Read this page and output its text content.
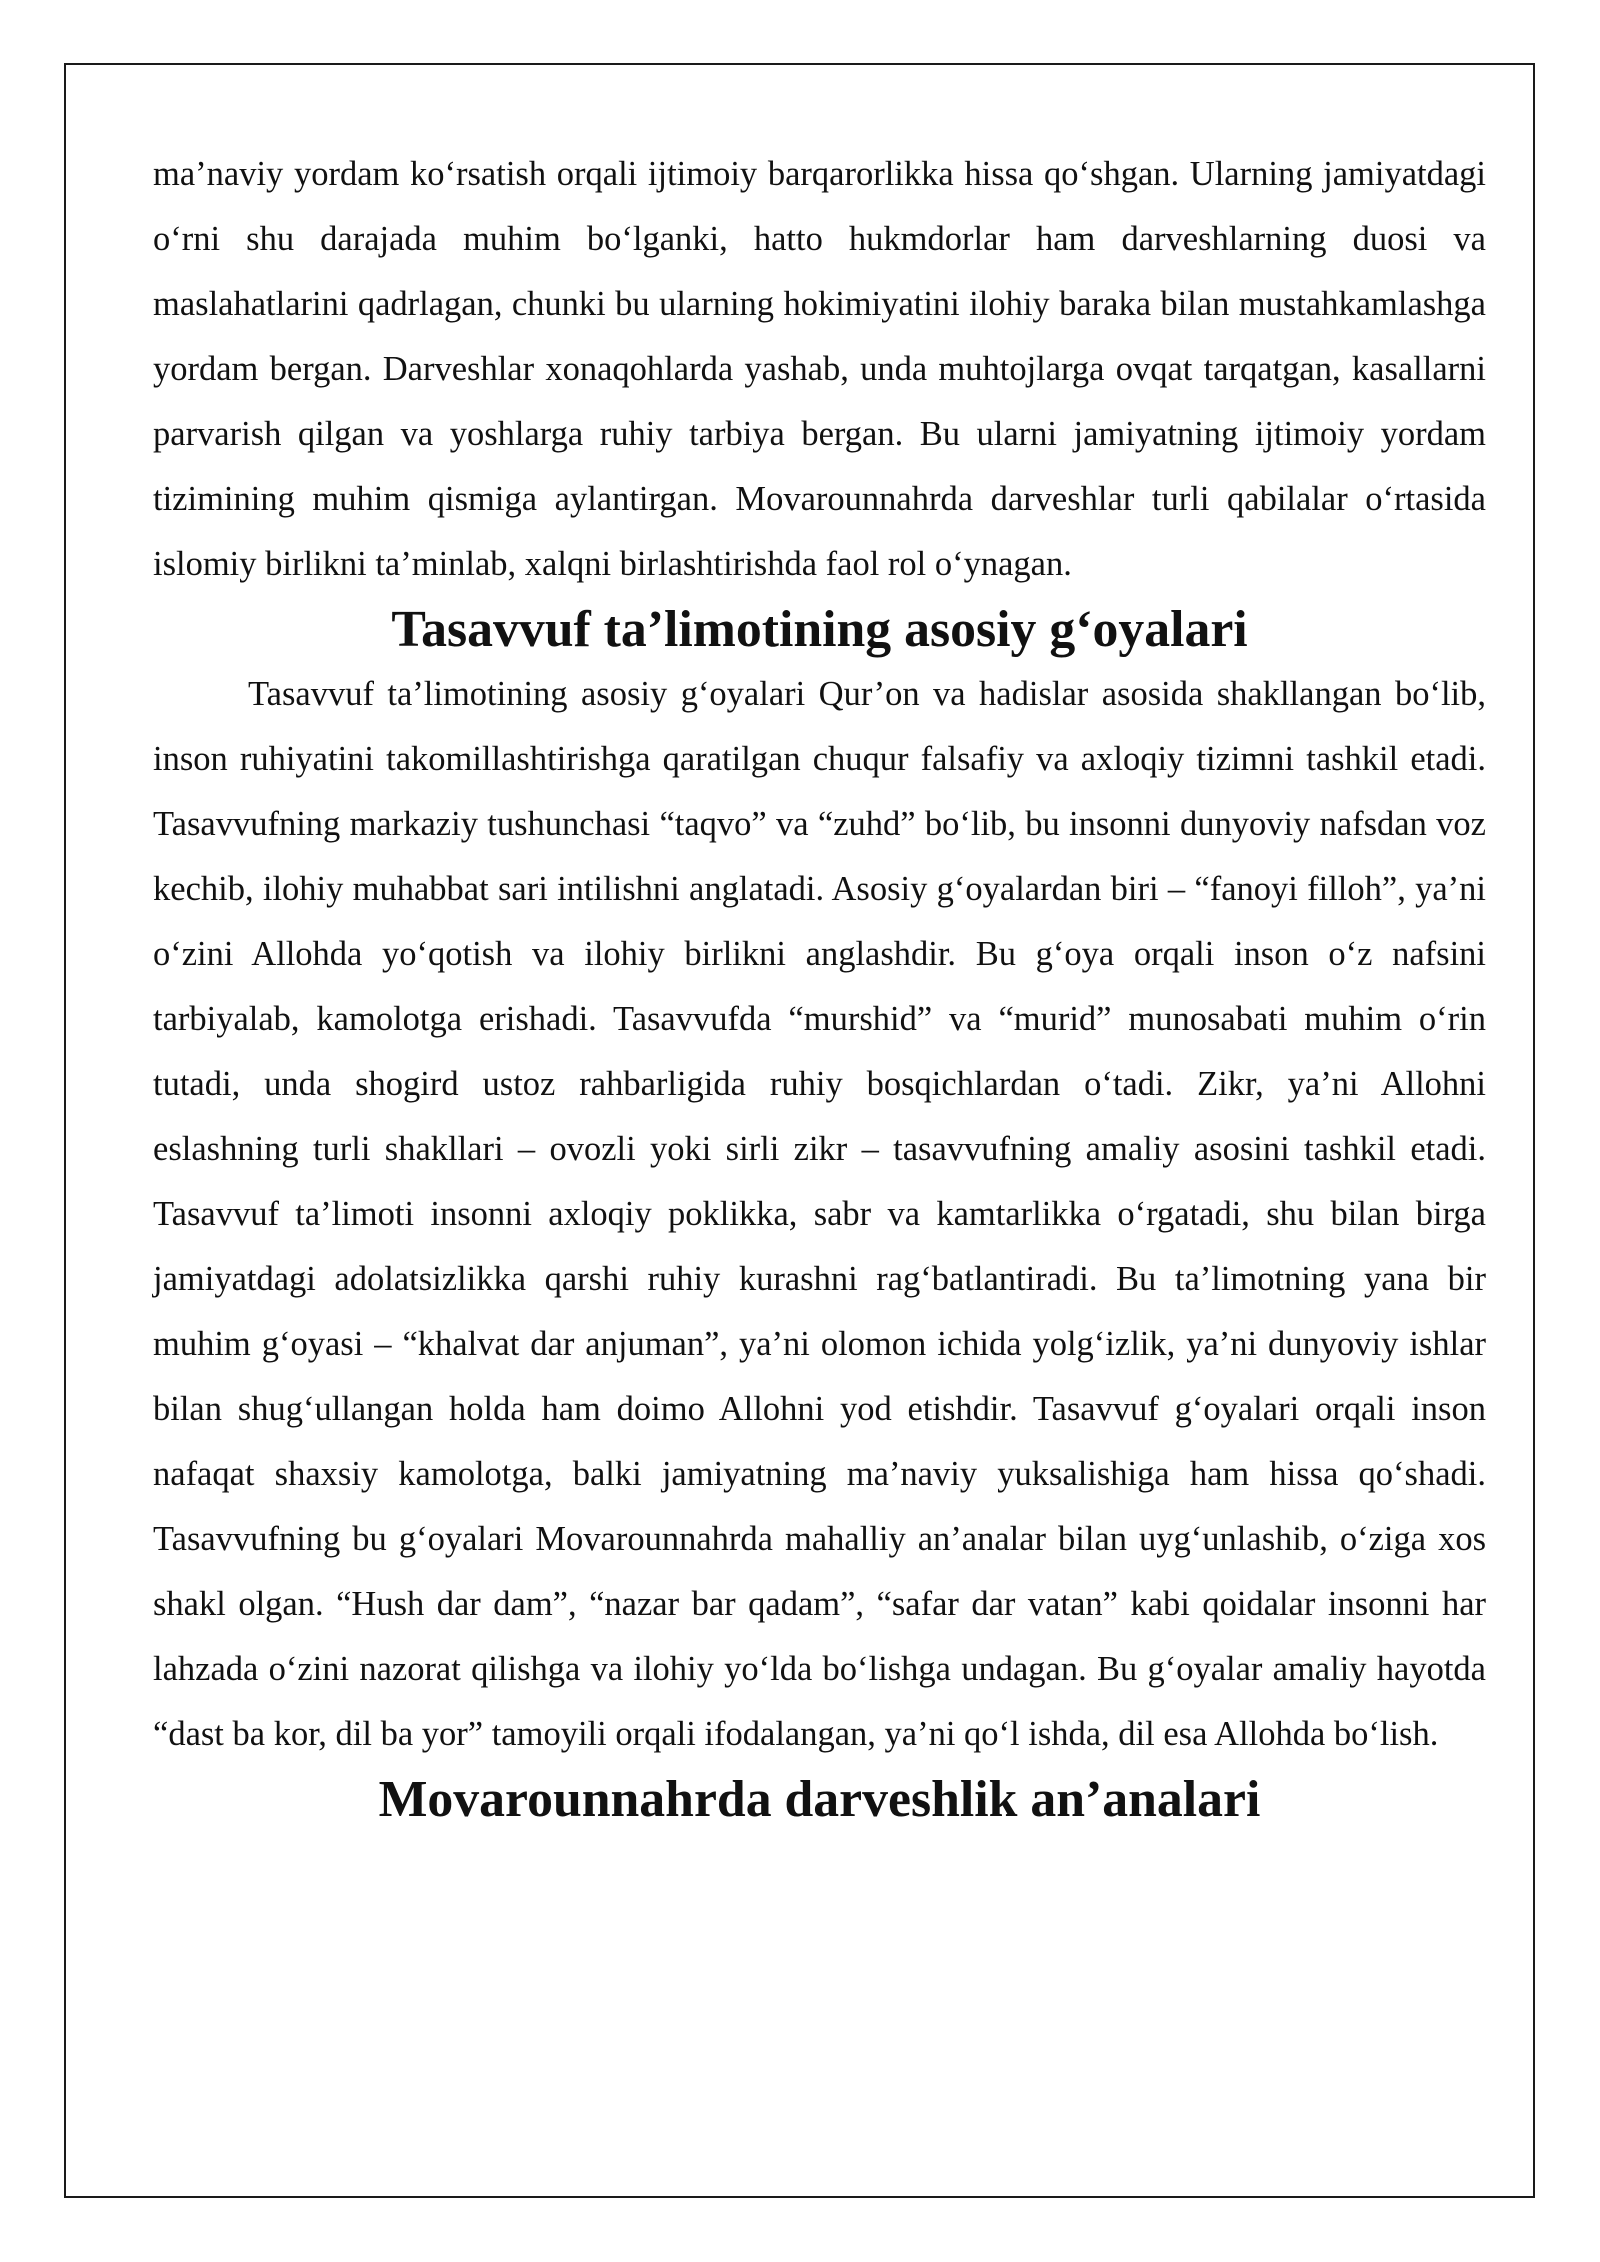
ma’naviy yordam ko‘rsatish orqali ijtimoiy barqarorlikka hissa qo‘shgan. Ularning jamiyatdagi o‘rni shu darajada muhim bo‘lganki, hatto hukmdorlar ham darveshlarning duosi va maslahatlarini qadrlagan, chunki bu ularning hokimiyatini ilohiy baraka bilan mustahkamlashga yordam bergan. Darveshlar xonaqohlarda yashab, unda muhtojlarga ovqat tarqatgan, kasallarni parvarish qilgan va yoshlarga ruhiy tarbiya bergan. Bu ularni jamiyatning ijtimoiy yordam tizimining muhim qismiga aylantirgan. Movarounnahrda darveshlar turli qabilalar o‘rtasida islomiy birlikni ta’minlab, xalqni birlashtirishda faol rol o‘ynagan.

Tasavvuf ta’limotining asosiy g‘oyalari

Tasavvuf ta’limotining asosiy g‘oyalari Qur’on va hadislar asosida shakllangan bo‘lib, inson ruhiyatini takomillashtirishga qaratilgan chuqur falsafiy va axloqiy tizimni tashkil etadi. Tasavvufning markaziy tushunchasi “taqvo” va “zuhd” bo‘lib, bu insonni dunyoviy nafsdan voz kechib, ilohiy muhabbat sari intilishni anglatadi. Asosiy g‘oyalardan biri – “fanoyi filloh”, ya’ni o‘zini Allohda yo‘qotish va ilohiy birlikni anglashdir. Bu g‘oya orqali inson o‘z nafsini tarbiyalab, kamolotga erishadi. Tasavvufda “murshid” va “murid” munosabati muhim o‘rin tutadi, unda shogird ustoz rahbarligida ruhiy bosqichlardan o‘tadi. Zikr, ya’ni Allohni eslashning turli shakllari – ovozli yoki sirli zikr – tasavvufning amaliy asosini tashkil etadi. Tasavvuf ta’limoti insonni axloqiy poklikka, sabr va kamtarlikka o‘rgatadi, shu bilan birga jamiyatdagi adolatsizlikka qarshi ruhiy kurashni rag‘batlantiradi. Bu ta’limotning yana bir muhim g‘oyasi – “khalvat dar anjuman”, ya’ni olomon ichida yolg‘izlik, ya’ni dunyoviy ishlar bilan shug‘ullangan holda ham doimo Allohni yod etishdir. Tasavvuf g‘oyalari orqali inson nafaqat shaxsiy kamolotga, balki jamiyatning ma’naviy yuksalishiga ham hissa qo‘shadi. Tasavvufning bu g‘oyalari Movarounnahrda mahalliy an’analar bilan uyg‘unlashib, o‘ziga xos shakl olgan. “Hush dar dam”, “nazar bar qadam”, “safar dar vatan” kabi qoidalar insonni har lahzada o‘zini nazorat qilishga va ilohiy yo‘lda bo‘lishga undagan. Bu g‘oyalar amaliy hayotda “dast ba kor, dil ba yor” tamoyili orqali ifodalangan, ya’ni qo‘l ishda, dil esa Allohda bo‘lish.

Movarounnahrda darveshlik an’analari
